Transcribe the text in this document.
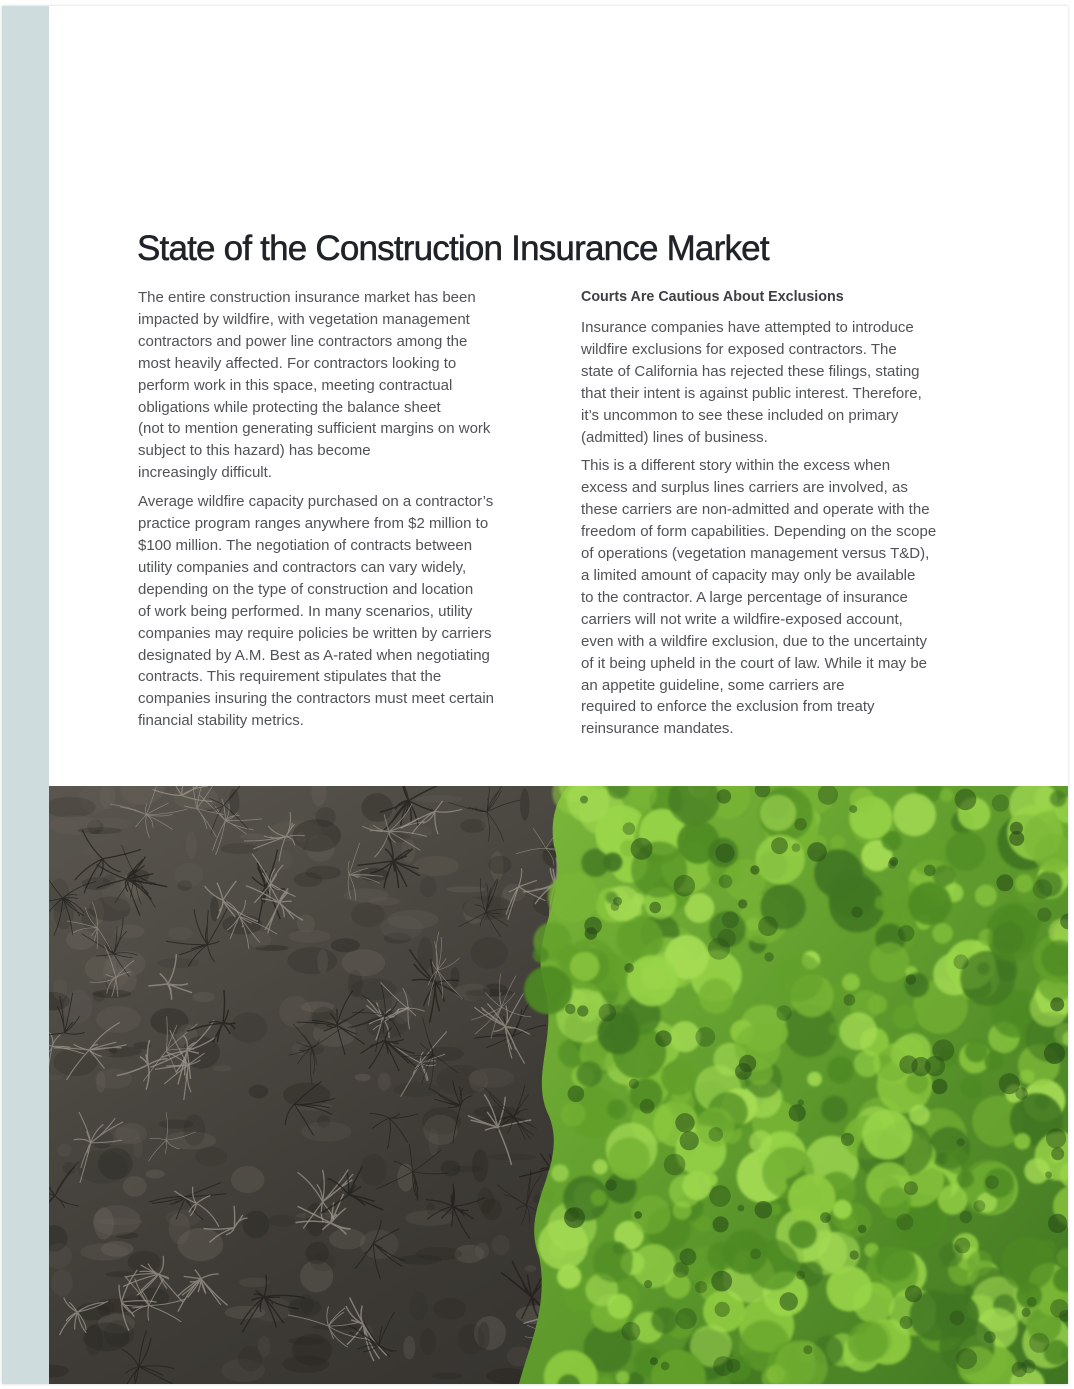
State of the Construction Insurance Market

The entire construction insurance market has been
impacted by wildfire, with vegetation management
contractors and power line contractors among the
most heavily affected. For contractors looking to
perform work in this space, meeting contractual
obligations while protecting the balance sheet
(not to mention generating sufficient margins on work
subject to this hazard) has become
increasingly difficult.

Average wildfire capacity purchased on a contractor’s
practice program ranges anywhere from $2 million to
$100 million. The negotiation of contracts between
utility companies and contractors can vary widely,
depending on the type of construction and location
of work being performed. In many scenarios, utility
companies may require policies be written by carriers
designated by A.M. Best as A-rated when negotiating
contracts. This requirement stipulates that the
companies insuring the contractors must meet certain
financial stability metrics.

Courts Are Cautious About Exclusions

Insurance companies have attempted to introduce
wildfire exclusions for exposed contractors. The
state of California has rejected these filings, stating
that their intent is against public interest. Therefore,
it’s uncommon to see these included on primary
(admitted) lines of business.

This is a different story within the excess when
excess and surplus lines carriers are involved, as
these carriers are non-admitted and operate with the
freedom of form capabilities. Depending on the scope
of operations (vegetation management versus T&D),
a limited amount of capacity may only be available
to the contractor. A large percentage of insurance
carriers will not write a wildfire-exposed account,
even with a wildfire exclusion, due to the uncertainty
of it being upheld in the court of law. While it may be
an appetite guideline, some carriers are
required to enforce the exclusion from treaty
reinsurance mandates.
